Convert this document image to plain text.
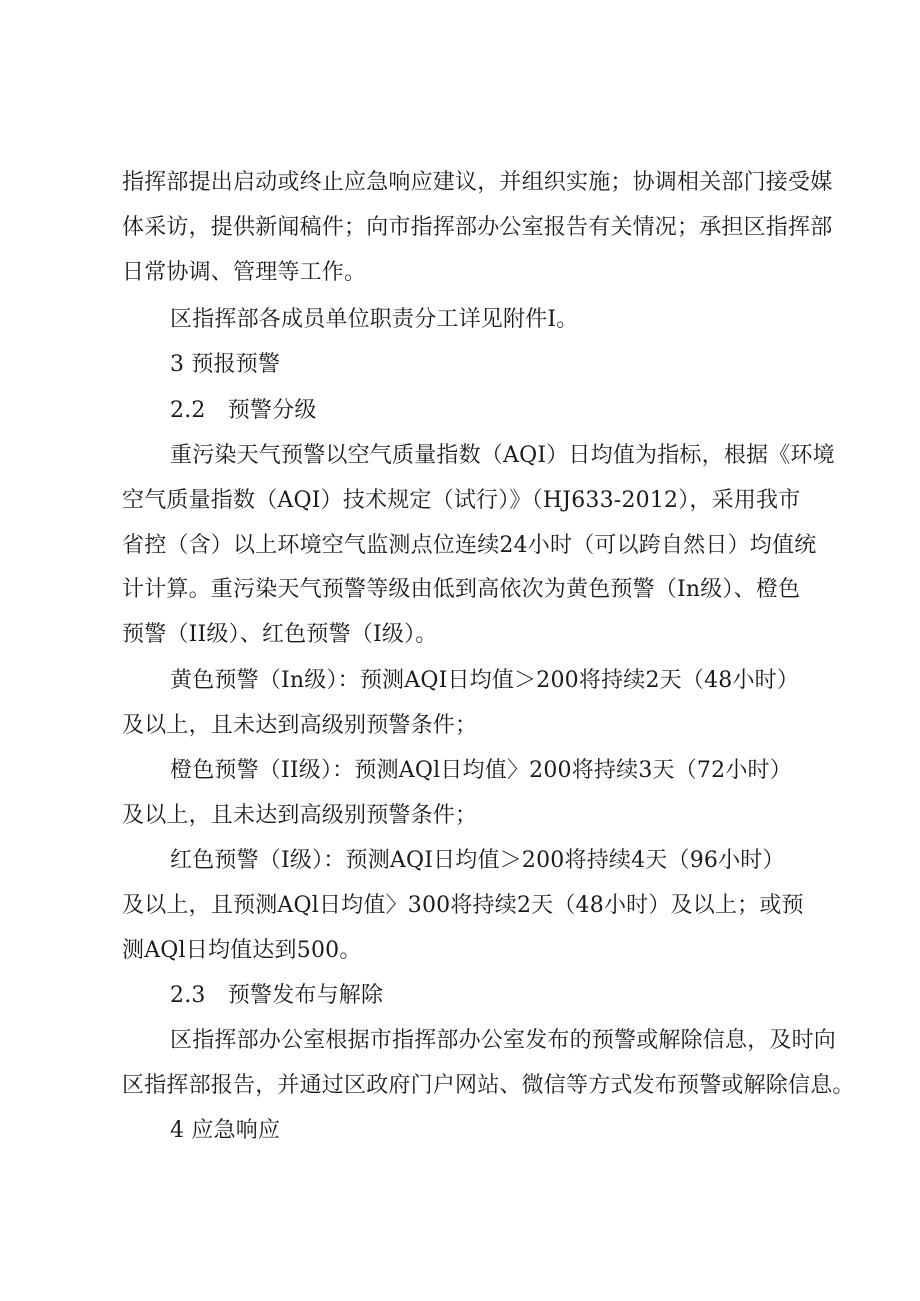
指挥部提出启动或终止应急响应建议，并组织实施；协调相关部门接受媒
体采访，提供新闻稿件；向市指挥部办公室报告有关情况；承担区指挥部
日常协调、管理等工作。
区指挥部各成员单位职责分工详见附件I。
3 预报预警
2.2　预警分级
重污染天气预警以空气质量指数（AQI）日均值为指标，根据《环境
空气质量指数（AQI）技术规定（试行）》（HJ633-2012），采用我市
省控（含）以上环境空气监测点位连续24小时（可以跨自然日）均值统
计计算。重污染天气预警等级由低到高依次为黄色预警（In级）、橙色
预警（II级）、红色预警（I级）。
黄色预警（In级）：预测AQI日均值＞200将持续2天（48小时）
及以上，且未达到高级别预警条件；
橙色预警（II级）：预测AQl日均值〉200将持续3天（72小时）
及以上，且未达到高级别预警条件；
红色预警（I级）：预测AQI日均值＞200将持续4天（96小时）
及以上，且预测AQl日均值〉300将持续2天（48小时）及以上；或预
测AQl日均值达到500。
2.3　预警发布与解除
区指挥部办公室根据市指挥部办公室发布的预警或解除信息，及时向
区指挥部报告，并通过区政府门户网站、微信等方式发布预警或解除信息。
4 应急响应
